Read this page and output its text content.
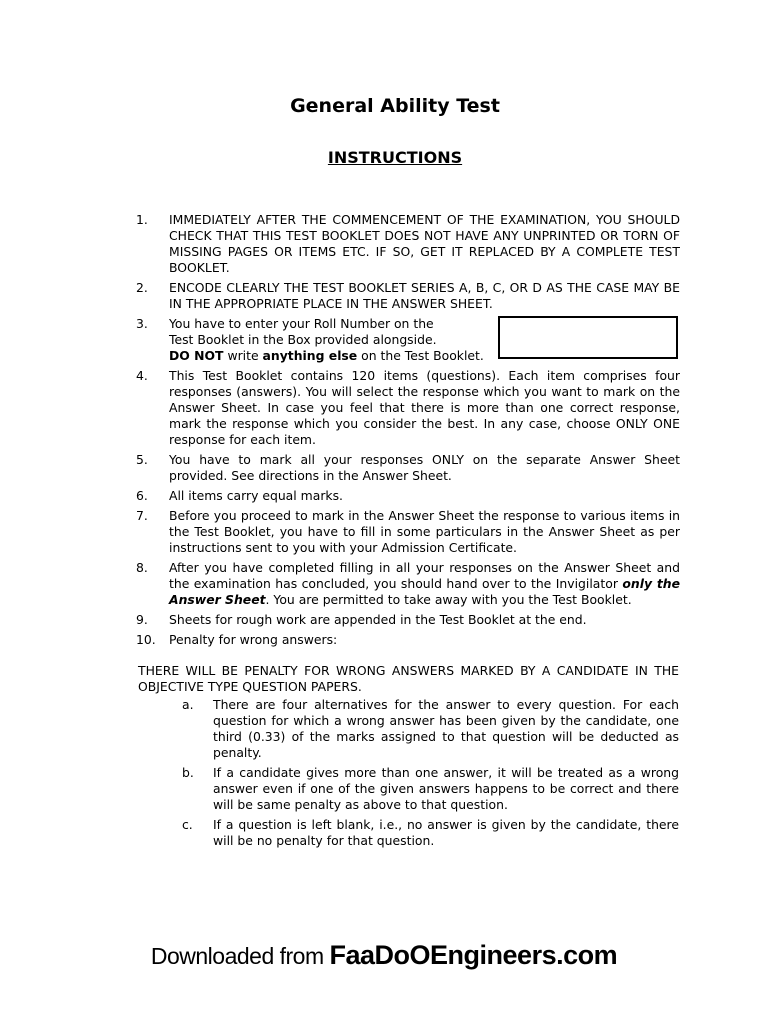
General Ability Test
INSTRUCTIONS
1.	IMMEDIATELY AFTER THE COMMENCEMENT OF THE EXAMINATION, YOU SHOULD CHECK THAT THIS TEST BOOKLET DOES NOT HAVE ANY UNPRINTED OR TORN OF MISSING PAGES OR ITEMS ETC. IF SO, GET IT REPLACED BY A COMPLETE TEST BOOKLET.
2.	ENCODE CLEARLY THE TEST BOOKLET SERIES A, B, C, OR D AS THE CASE MAY BE IN THE APPROPRIATE PLACE IN THE ANSWER SHEET.
3.	You have to enter your Roll Number on the
Test Booklet in the Box provided alongside.
DO NOT write anything else on the Test Booklet.
4.	This Test Booklet contains 120 items (questions). Each item comprises four responses (answers). You will select the response which you want to mark on the Answer Sheet. In case you feel that there is more than one correct response, mark the response which you consider the best. In any case, choose ONLY ONE response for each item.
5.	You have to mark all your responses ONLY on the separate Answer Sheet provided. See directions in the Answer Sheet.
6.	All items carry equal marks.
7.	Before you proceed to mark in the Answer Sheet the response to various items in the Test Booklet, you have to fill in some particulars in the Answer Sheet as per instructions sent to you with your Admission Certificate.
8.	After you have completed filling in all your responses on the Answer Sheet and the examination has concluded, you should hand over to the Invigilator only the Answer Sheet. You are permitted to take away with you the Test Booklet.
9.	Sheets for rough work are appended in the Test Booklet at the end.
10.	Penalty for wrong answers:
THERE WILL BE PENALTY FOR WRONG ANSWERS MARKED BY A CANDIDATE IN THE OBJECTIVE TYPE QUESTION PAPERS.
a.	There are four alternatives for the answer to every question. For each question for which a wrong answer has been given by the candidate, one third (0.33) of the marks assigned to that question will be deducted as penalty.
b.	If a candidate gives more than one answer, it will be treated as a wrong answer even if one of the given answers happens to be correct and there will be same penalty as above to that question.
c.	If a question is left blank, i.e., no answer is given by the candidate, there will be no penalty for that question.
Downloaded from FaaDoOEngineers.com
